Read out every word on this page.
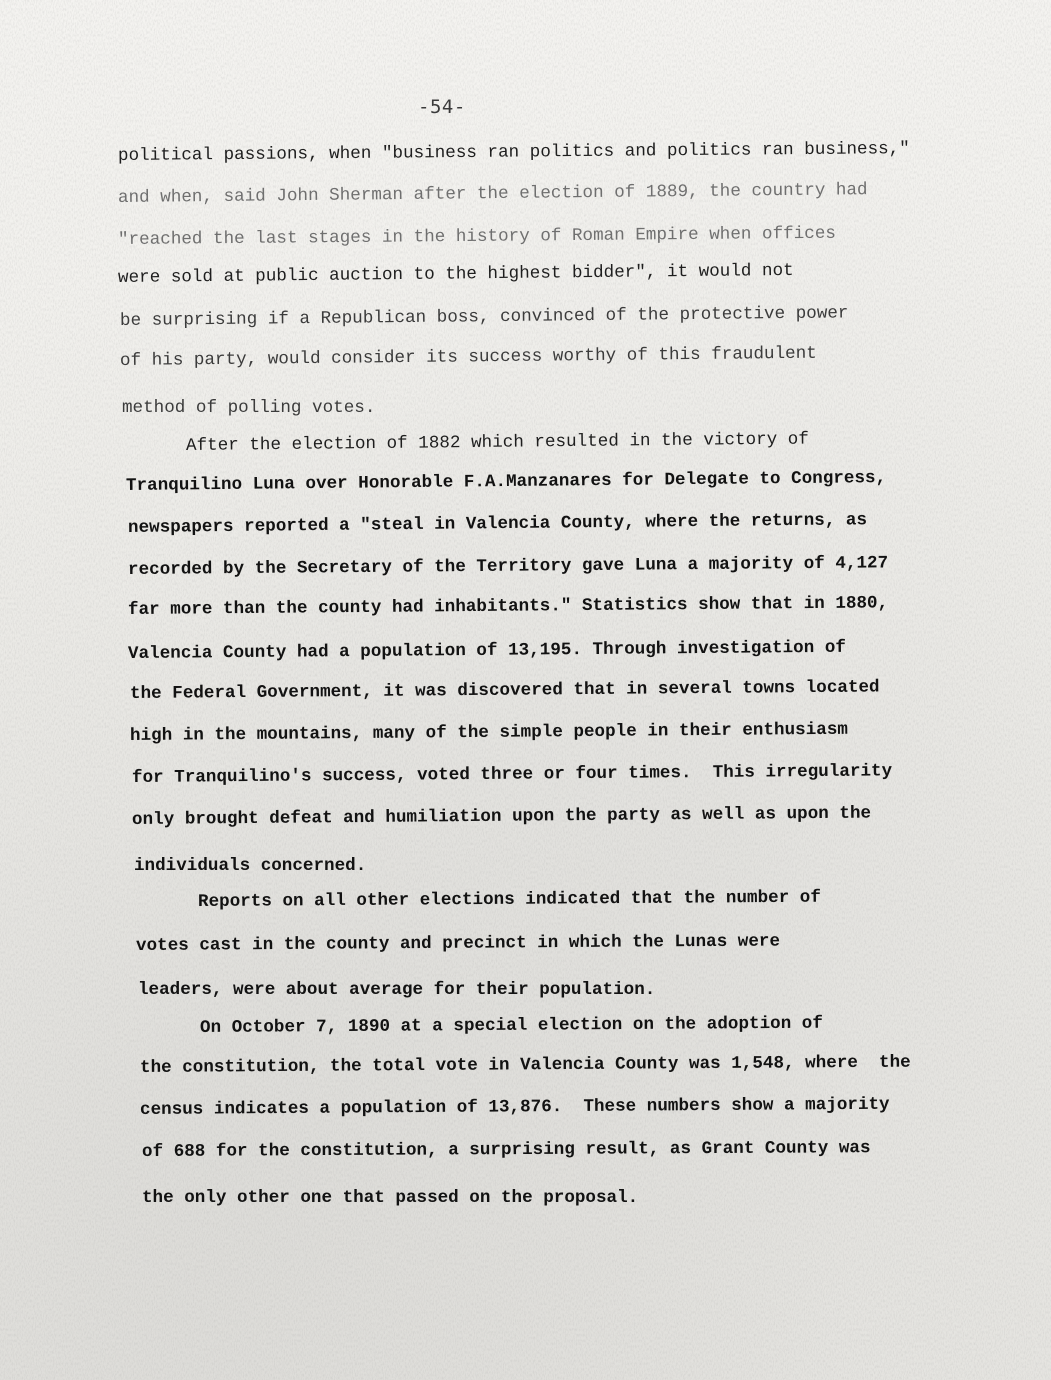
-54-
political passions, when "business ran politics and politics ran business,"
and when, said John Sherman after the election of 1889, the country had
"reached the last stages in the history of Roman Empire when offices
were sold at public auction to the highest bidder", it would not
be surprising if a Republican boss, convinced of the protective power
of his party, would consider its success worthy of this fraudulent
method of polling votes.
After the election of 1882 which resulted in the victory of
Tranquilino Luna over Honorable F.A.Manzanares for Delegate to Congress,
newspapers reported a "steal in Valencia County, where the returns, as
recorded by the Secretary of the Territory gave Luna a majority of 4,127
far more than the county had inhabitants." Statistics show that in 1880,
Valencia County had a population of 13,195. Through investigation of
the Federal Government, it was discovered that in several towns located
high in the mountains, many of the simple people in their enthusiasm
for Tranquilino's success, voted three or four times.  This irregularity
only brought defeat and humiliation upon the party as well as upon the
individuals concerned.
Reports on all other elections indicated that the number of
votes cast in the county and precinct in which the Lunas were
leaders, were about average for their population.
On October 7, 1890 at a special election on the adoption of
the constitution, the total vote in Valencia County was 1,548, where  the
census indicates a population of 13,876.  These numbers show a majority
of 688 for the constitution, a surprising result, as Grant County was
the only other one that passed on the proposal.
